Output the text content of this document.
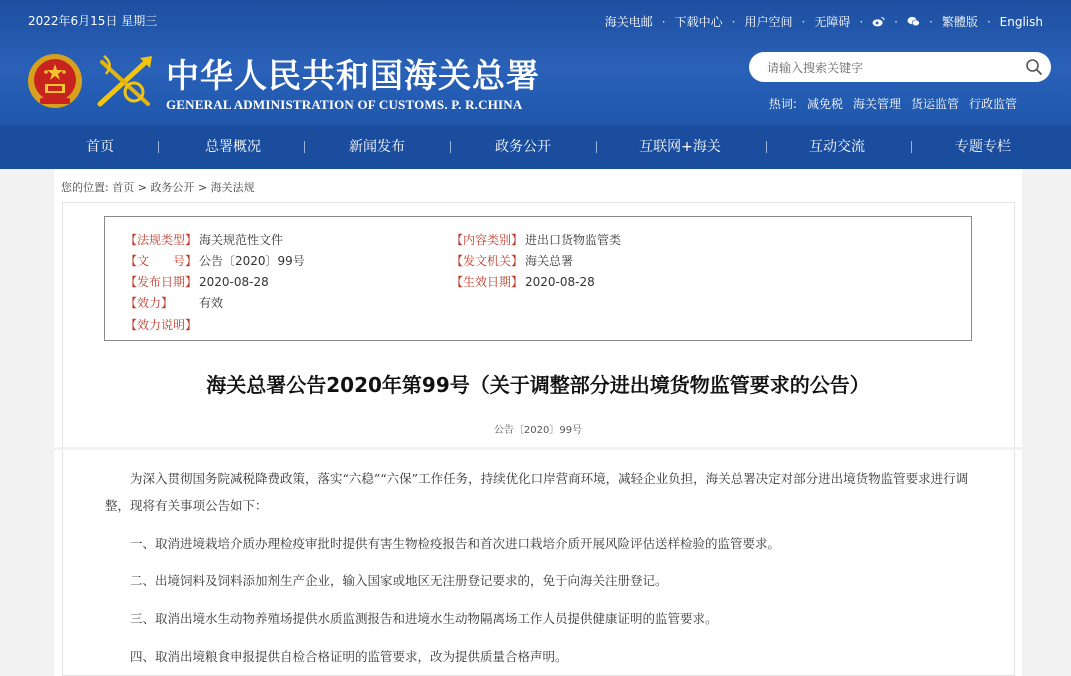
2022年6月15日 星期三	海关电邮 · 下载中心 · 用户空间 · 无障碍 ·	·	· 繁體版 · English
中华人民共和国海关总署
GENERAL ADMINISTRATION OF CUSTOMS. P. R.CHINA
请输入搜索关键字	热词: 减免税 海关管理 货运监管 行政监管
首页	总署概况	新闻发布	政务公开	互联网+海关	互动交流	专题专栏
您的位置: 首页 > 政务公开 > 海关法规
【法规类型】 海关规范性文件	【内容类别】 进出口货物监管类
【文　　号】 公告〔2020〕99号	【发文机关】 海关总署
【发布日期】 2020-08-28	【生效日期】 2020-08-28
【效力】 有效
【效力说明】
海关总署公告2020年第99号（关于调整部分进出境货物监管要求的公告）
公告〔2020〕99号
为深入贯彻国务院减税降费政策，落实“六稳”“六保”工作任务，持续优化口岸营商环境，减轻企业负担，海关总署决定对部分进出境货物监管要求进行调整，现将有关事项公告如下：
一、取消进境栽培介质办理检疫审批时提供有害生物检疫报告和首次进口栽培介质开展风险评估送样检验的监管要求。
二、出境饲料及饲料添加剂生产企业，输入国家或地区无注册登记要求的，免于向海关注册登记。
三、取消出境水生动物养殖场提供水质监测报告和进境水生动物隔离场工作人员提供健康证明的监管要求。
四、取消出境粮食申报提供自检合格证明的监管要求，改为提供质量合格声明。
